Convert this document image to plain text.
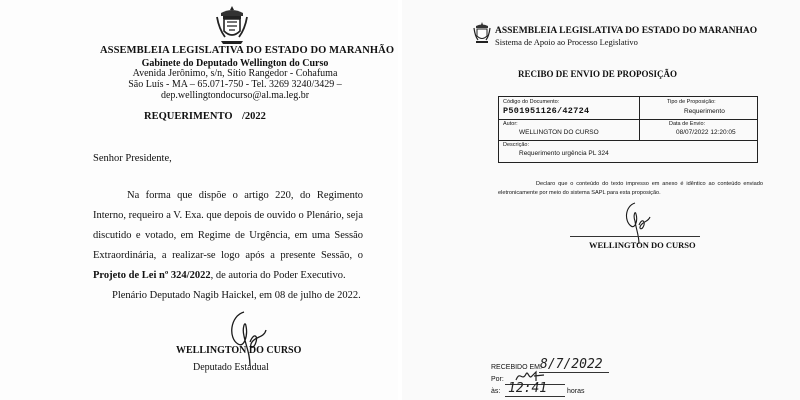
ASSEMBLEIA LEGISLATIVA DO ESTADO DO MARANHÃO
Gabinete do Deputado Wellington do Curso
Avenida Jerônimo, s/n, Sítio Rangedor - Cohafuma
São Luís - MA – 65.071-750 - Tel. 3269 3240/3429 –
dep.wellingtondocurso@al.ma.leg.br
REQUERIMENTO /2022
Senhor Presidente,
Na forma que dispõe o artigo 220, do Regimento Interno, requeiro a V. Exa. que depois de ouvido o Plenário, seja discutido e votado, em Regime de Urgência, em uma Sessão Extraordinária, a realizar-se logo após a presente Sessão, o Projeto de Lei nº 324/2022, de autoria do Poder Executivo.
Plenário Deputado Nagib Haickel, em 08 de julho de 2022.
WELLINGTON DO CURSO
Deputado Estadual
ASSEMBLEIA LEGISLATIVA DO ESTADO DO MARANHAO
Sistema de Apoio ao Processo Legislativo
RECIBO DE ENVIO DE PROPOSIÇÃO
Código do Documento:
P501951126/42724
Tipo de Proposição:
Requerimento
Autor:
WELLINGTON DO CURSO
Data de Envio:
08/07/2022 12:20:05
Descrição:
Requerimento urgência PL 324
Declaro que o conteúdo do texto impresso em anexo é idêntico ao conteúdo enviado eletronicamente por meio do sistema SAPL para esta proposição.
WELLINGTON DO CURSO
RECEBIDO EM:
8/7/2022
Por:
às: 12:41	horas
